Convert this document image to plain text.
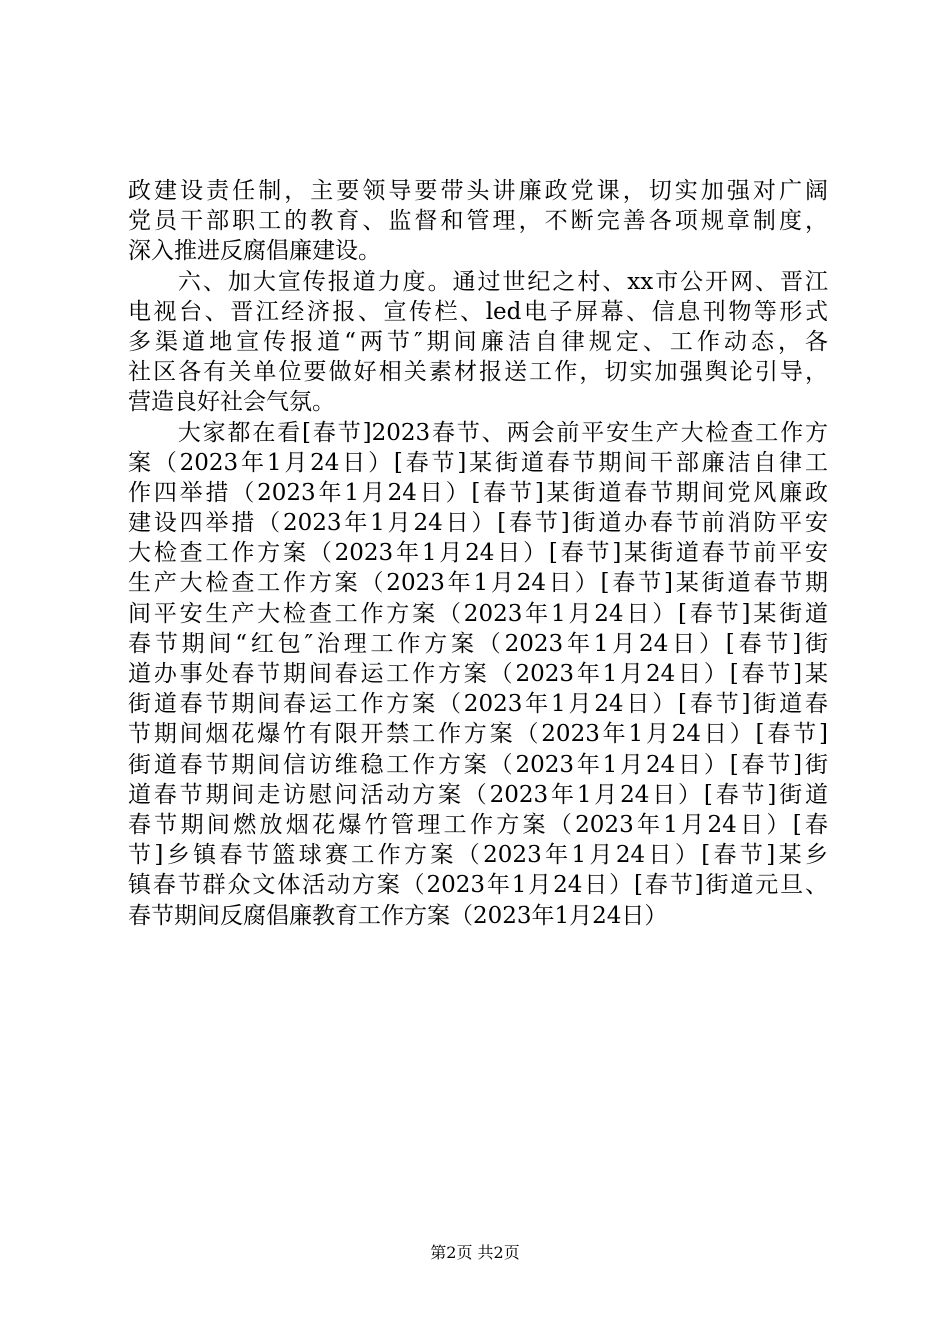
政建设责任制，主要领导要带头讲廉政党课，切实加强对广阔
党员干部职工的教育、监督和管理，不断完善各项规章制度，
深入推进反腐倡廉建设。
　　六、加大宣传报道力度。通过世纪之村、xx市公开网、晋江
电视台、晋江经济报、宣传栏、led电子屏幕、信息刊物等形式
多渠道地宣传报道“两节″期间廉洁自律规定、工作动态，各
社区各有关单位要做好相关素材报送工作，切实加强舆论引导，
营造良好社会气氛。
　　大家都在看[春节]2023春节、两会前平安生产大检查工作方
案（2023年1月24日）[春节]某街道春节期间干部廉洁自律工
作四举措（2023年1月24日）[春节]某街道春节期间党风廉政
建设四举措（2023年1月24日）[春节]街道办春节前消防平安
大检查工作方案（2023年1月24日）[春节]某街道春节前平安
生产大检查工作方案（2023年1月24日）[春节]某街道春节期
间平安生产大检查工作方案（2023年1月24日）[春节]某街道
春节期间“红包″治理工作方案（2023年1月24日）[春节]街
道办事处春节期间春运工作方案（2023年1月24日）[春节]某
街道春节期间春运工作方案（2023年1月24日）[春节]街道春
节期间烟花爆竹有限开禁工作方案（2023年1月24日）[春节]
街道春节期间信访维稳工作方案（2023年1月24日）[春节]街
道春节期间走访慰问活动方案（2023年1月24日）[春节]街道
春节期间燃放烟花爆竹管理工作方案（2023年1月24日）[春
节]乡镇春节篮球赛工作方案（2023年1月24日）[春节]某乡
镇春节群众文体活动方案（2023年1月24日）[春节]街道元旦、
春节期间反腐倡廉教育工作方案（2023年1月24日）
第2页 共2页
